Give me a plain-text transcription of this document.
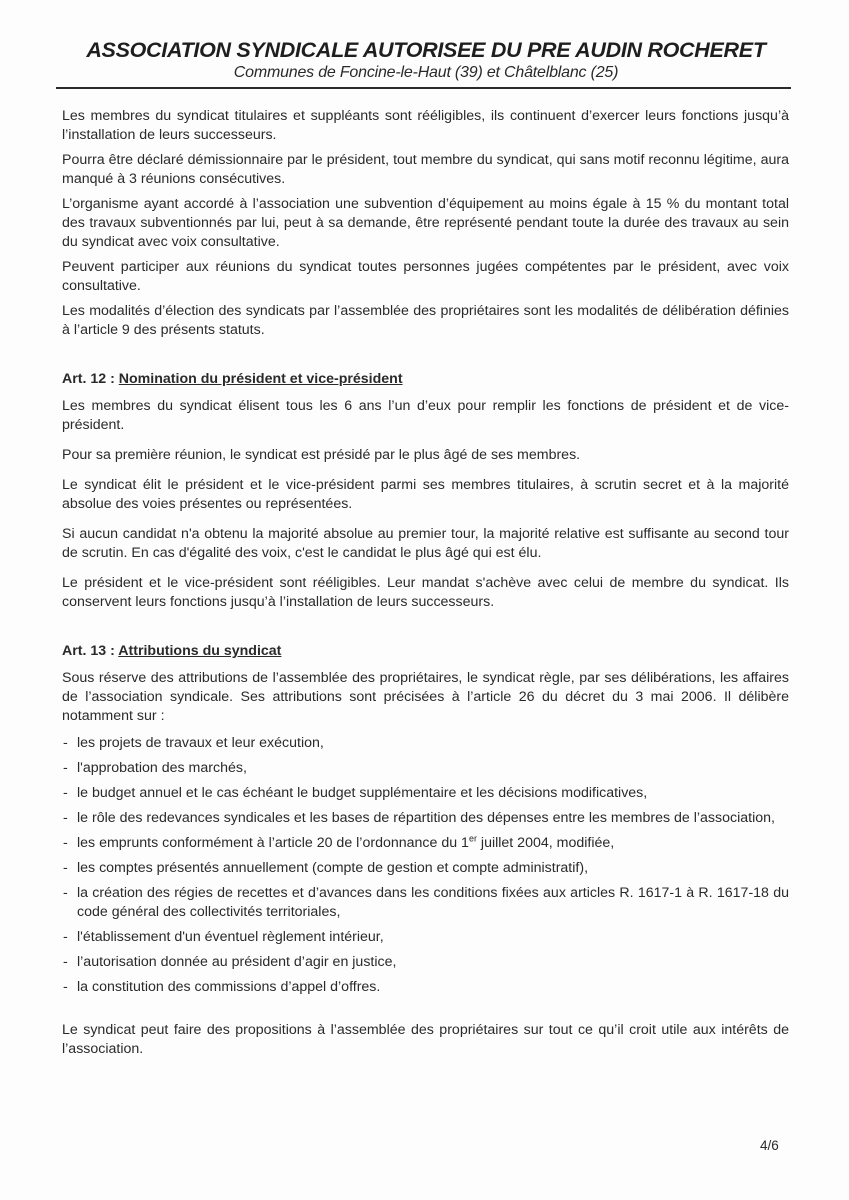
ASSOCIATION SYNDICALE AUTORISEE DU PRE AUDIN ROCHERET
Communes de Foncine-le-Haut (39) et Châtelblanc (25)

Les membres du syndicat titulaires et suppléants sont rééligibles, ils continuent d’exercer leurs fonctions jusqu’à l’installation de leurs successeurs.

Pourra être déclaré démissionnaire par le président, tout membre du syndicat, qui sans motif reconnu légitime, aura manqué à 3 réunions consécutives.

L’organisme ayant accordé à l’association une subvention d’équipement au moins égale à 15 % du montant total des travaux subventionnés par lui, peut à sa demande, être représenté pendant toute la durée des travaux au sein du syndicat avec voix consultative.

Peuvent participer aux réunions du syndicat toutes personnes jugées compétentes par le président, avec voix consultative.

Les modalités d’élection des syndicats par l’assemblée des propriétaires sont les modalités de délibération définies à l’article 9 des présents statuts.

Art. 12 : Nomination du président et vice-président

Les membres du syndicat élisent tous les 6 ans l’un d’eux pour remplir les fonctions de président et de vice-président.

Pour sa première réunion, le syndicat est présidé par le plus âgé de ses membres.

Le syndicat élit le président et le vice-président parmi ses membres titulaires, à scrutin secret et à la majorité absolue des voies présentes ou représentées.

Si aucun candidat n'a obtenu la majorité absolue au premier tour, la majorité relative est suffisante au second tour de scrutin. En cas d'égalité des voix, c'est le candidat le plus âgé qui est élu.

Le président et le vice-président sont rééligibles. Leur mandat s'achève avec celui de membre du syndicat. Ils conservent leurs fonctions jusqu’à l’installation de leurs successeurs.

Art. 13 : Attributions du syndicat

Sous réserve des attributions de l’assemblée des propriétaires, le syndicat règle, par ses délibérations, les affaires de l’association syndicale. Ses attributions sont précisées à l’article 26 du décret du 3 mai 2006. Il délibère notamment sur :

- les projets de travaux et leur exécution,
- l'approbation des marchés,
- le budget annuel et le cas échéant le budget supplémentaire et les décisions modificatives,
- le rôle des redevances syndicales et les bases de répartition des dépenses entre les membres de l’association,
- les emprunts conformément à l’article 20 de l’ordonnance du 1er juillet 2004, modifiée,
- les comptes présentés annuellement (compte de gestion et compte administratif),
- la création des régies de recettes et d’avances dans les conditions fixées aux articles R. 1617-1 à R. 1617-18 du code général des collectivités territoriales,
- l'établissement d'un éventuel règlement intérieur,
- l’autorisation donnée au président d’agir en justice,
- la constitution des commissions d’appel d’offres.

Le syndicat peut faire des propositions à l’assemblée des propriétaires sur tout ce qu’il croit utile aux intérêts de l’association.

4/6
